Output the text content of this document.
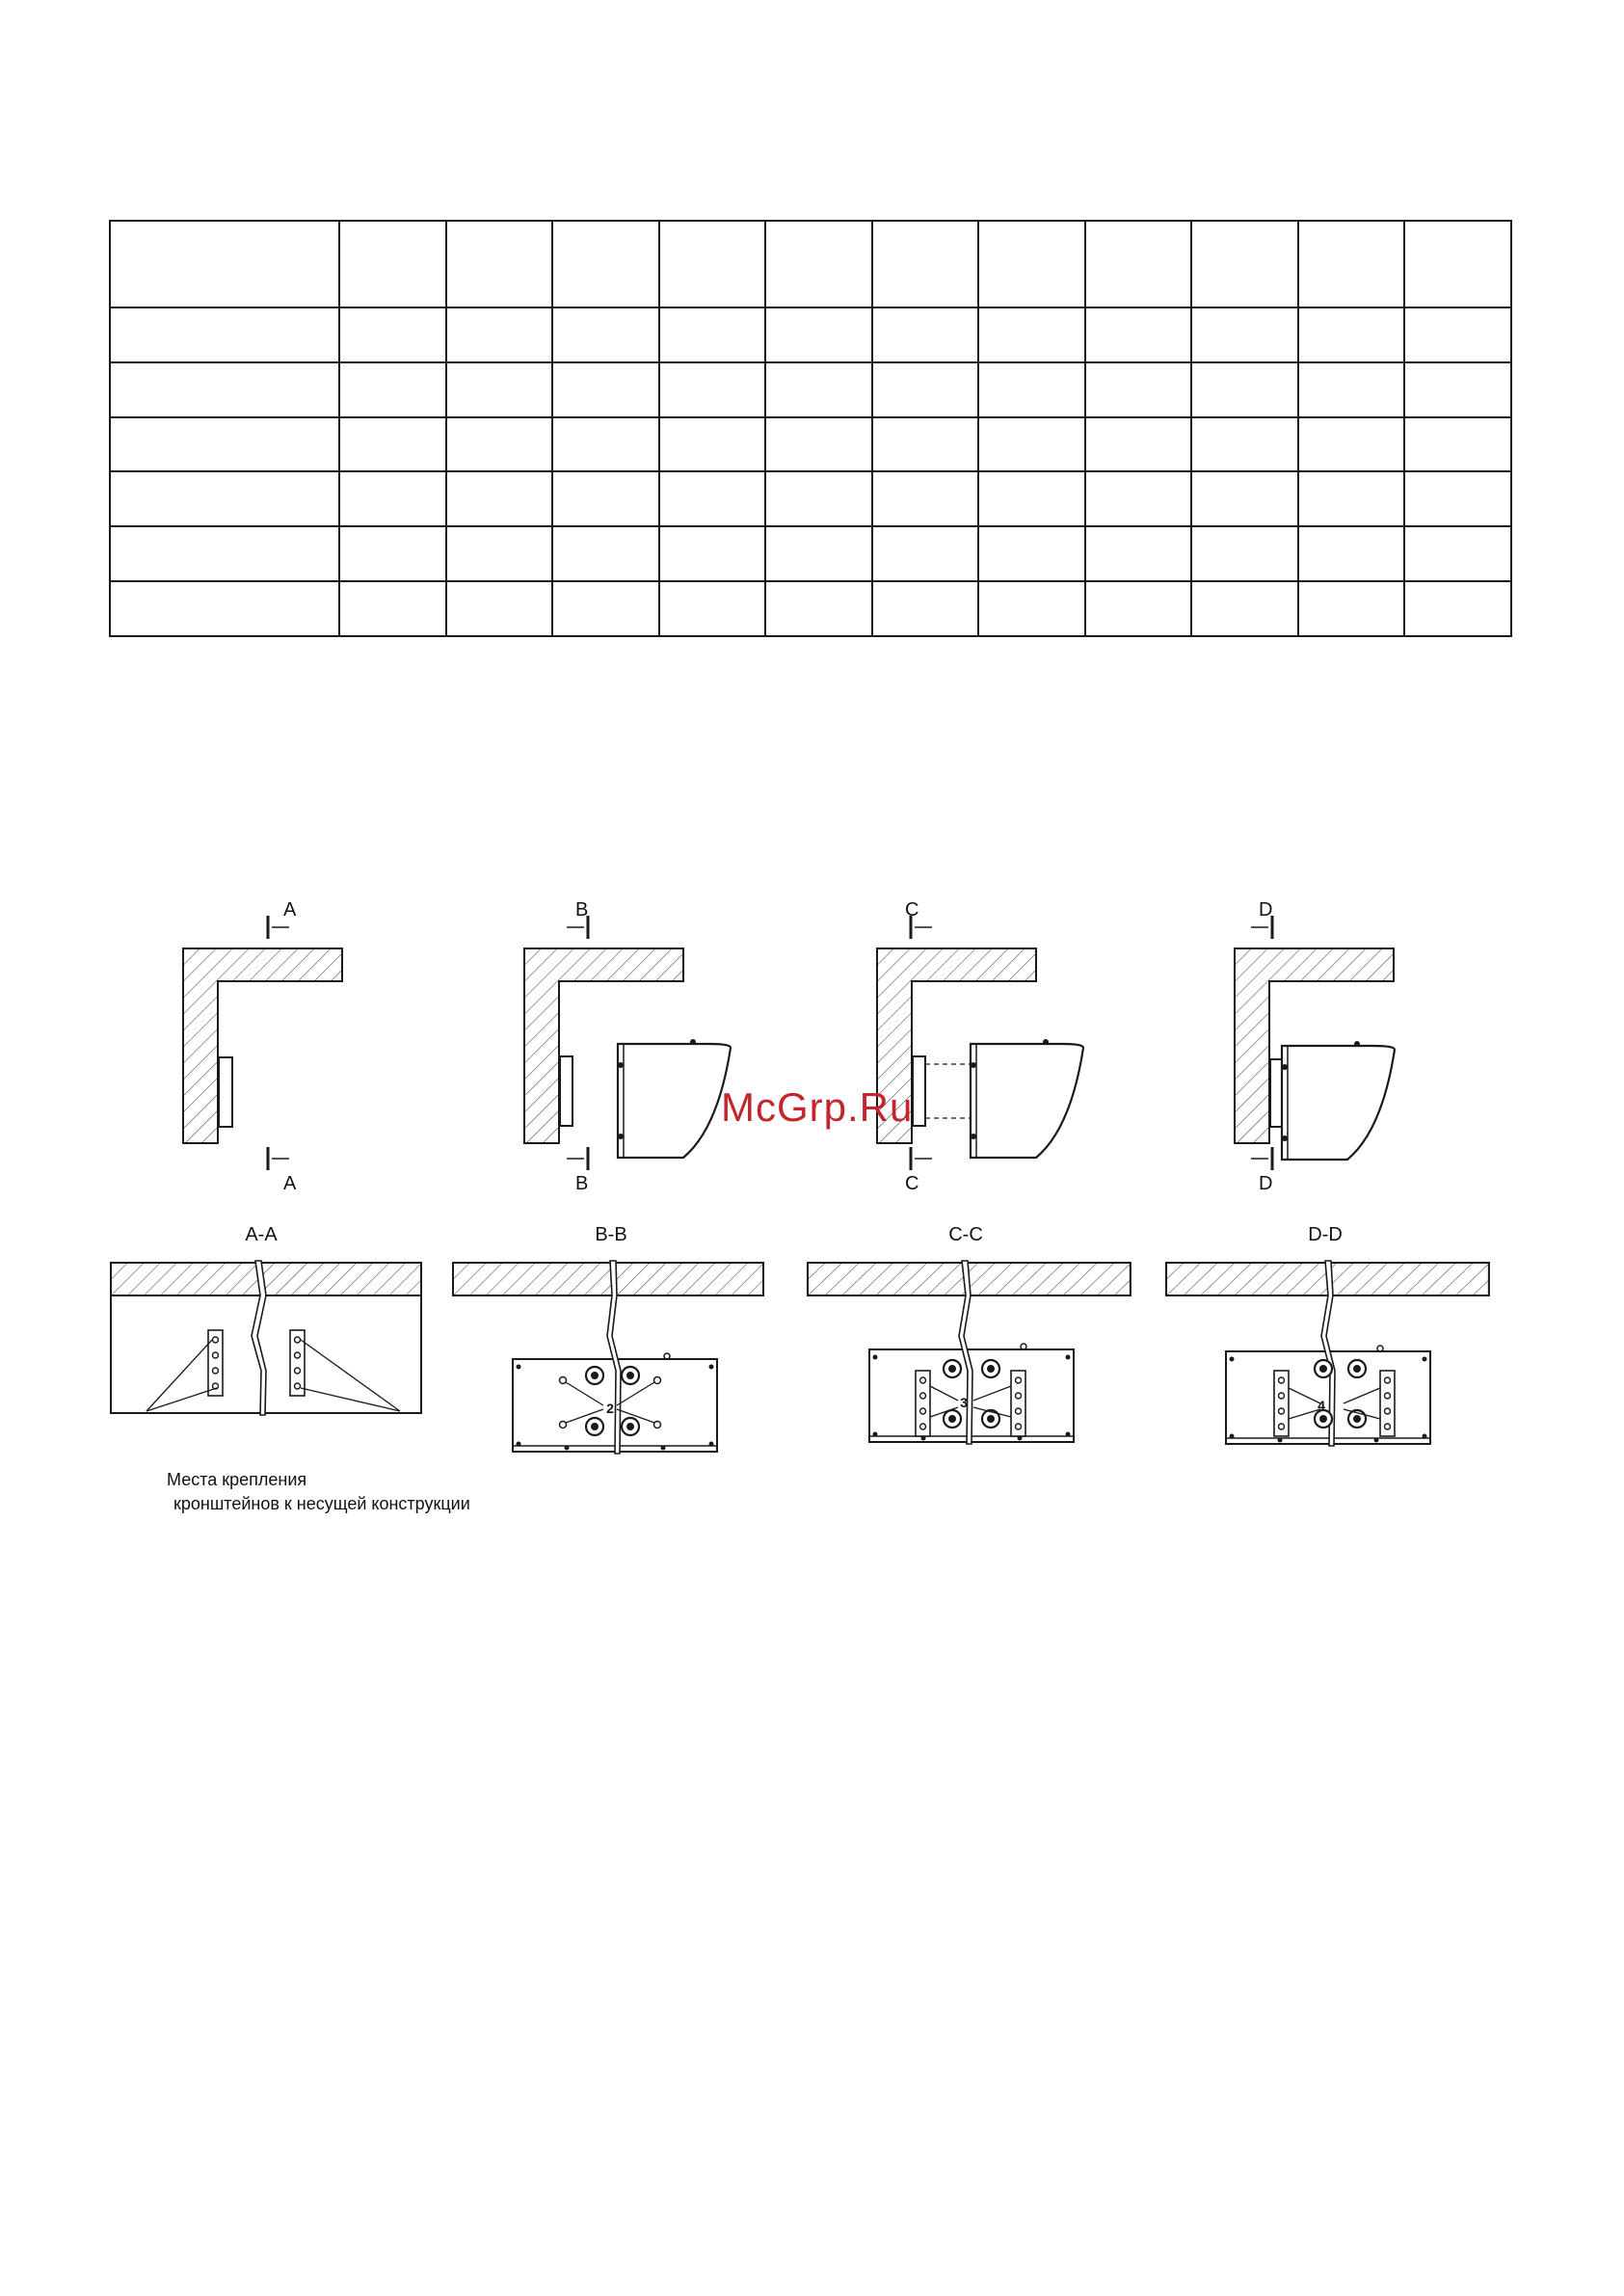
A
A
B
B
C
C
D
D
A-A	B-B	C-C	D-D
2	3	4
Места крепления
кронштейнов к несущей конструкции
McGrp.Ru
